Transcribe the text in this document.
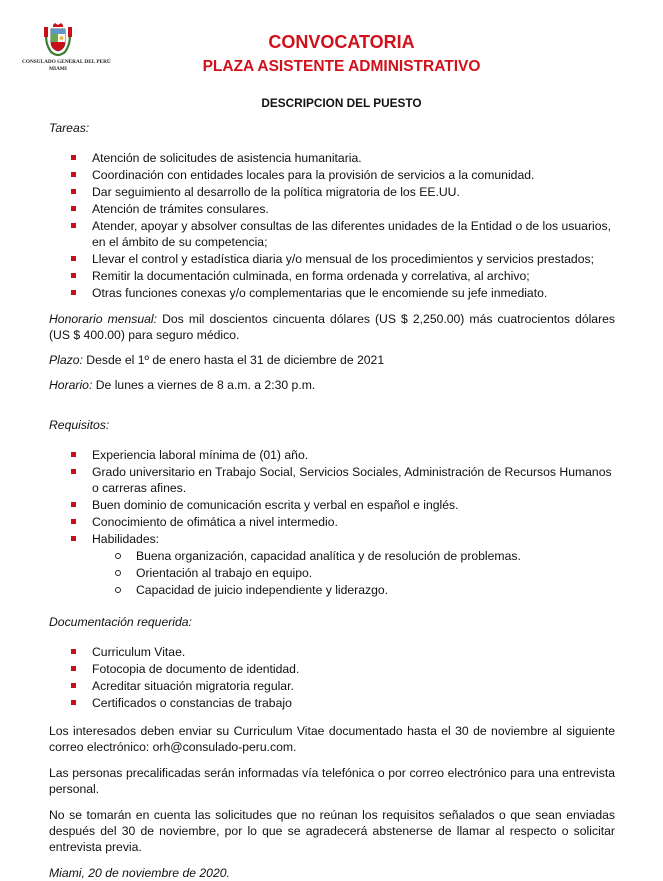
CONSULADO GENERAL DEL PERÚ
MIAMI
CONVOCATORIA
PLAZA ASISTENTE ADMINISTRATIVO
DESCRIPCION DEL PUESTO

Tareas:

Atención de solicitudes de asistencia humanitaria.
Coordinación con entidades locales para la provisión de servicios a la comunidad.
Dar seguimiento al desarrollo de la política migratoria de los EE.UU.
Atención de trámites consulares.
Atender, apoyar y absolver consultas de las diferentes unidades de la Entidad o de los usuarios, en el ámbito de su competencia;
Llevar el control y estadística diaria y/o mensual de los procedimientos y servicios prestados;
Remitir la documentación culminada, en forma ordenada y correlativa, al archivo;
Otras funciones conexas y/o complementarias que le encomiende su jefe inmediato.

Honorario mensual: Dos mil doscientos cincuenta dólares (US $ 2,250.00) más cuatrocientos dólares (US $ 400.00) para seguro médico.

Plazo: Desde el 1º de enero hasta el 31 de diciembre de 2021

Horario: De lunes a viernes de 8 a.m. a 2:30 p.m.

Requisitos:

Experiencia laboral mínima de (01) año.
Grado universitario en Trabajo Social, Servicios Sociales, Administración de Recursos Humanos o carreras afines.
Buen dominio de comunicación escrita y verbal en español e inglés.
Conocimiento de ofimática a nivel intermedio.
Habilidades:
Buena organización, capacidad analítica y de resolución de problemas.
Orientación al trabajo en equipo.
Capacidad de juicio independiente y liderazgo.

Documentación requerida:

Curriculum Vitae.
Fotocopia de documento de identidad.
Acreditar situación migratoria regular.
Certificados o constancias de trabajo

Los interesados deben enviar su Curriculum Vitae documentado hasta el 30 de noviembre al siguiente correo electrónico: orh@consulado-peru.com.

Las personas precalificadas serán informadas vía telefónica o por correo electrónico para una entrevista personal.

No se tomarán en cuenta las solicitudes que no reúnan los requisitos señalados o que sean enviadas después del 30 de noviembre, por lo que se agradecerá abstenerse de llamar al respecto o solicitar entrevista previa.

Miami, 20 de noviembre de 2020.
